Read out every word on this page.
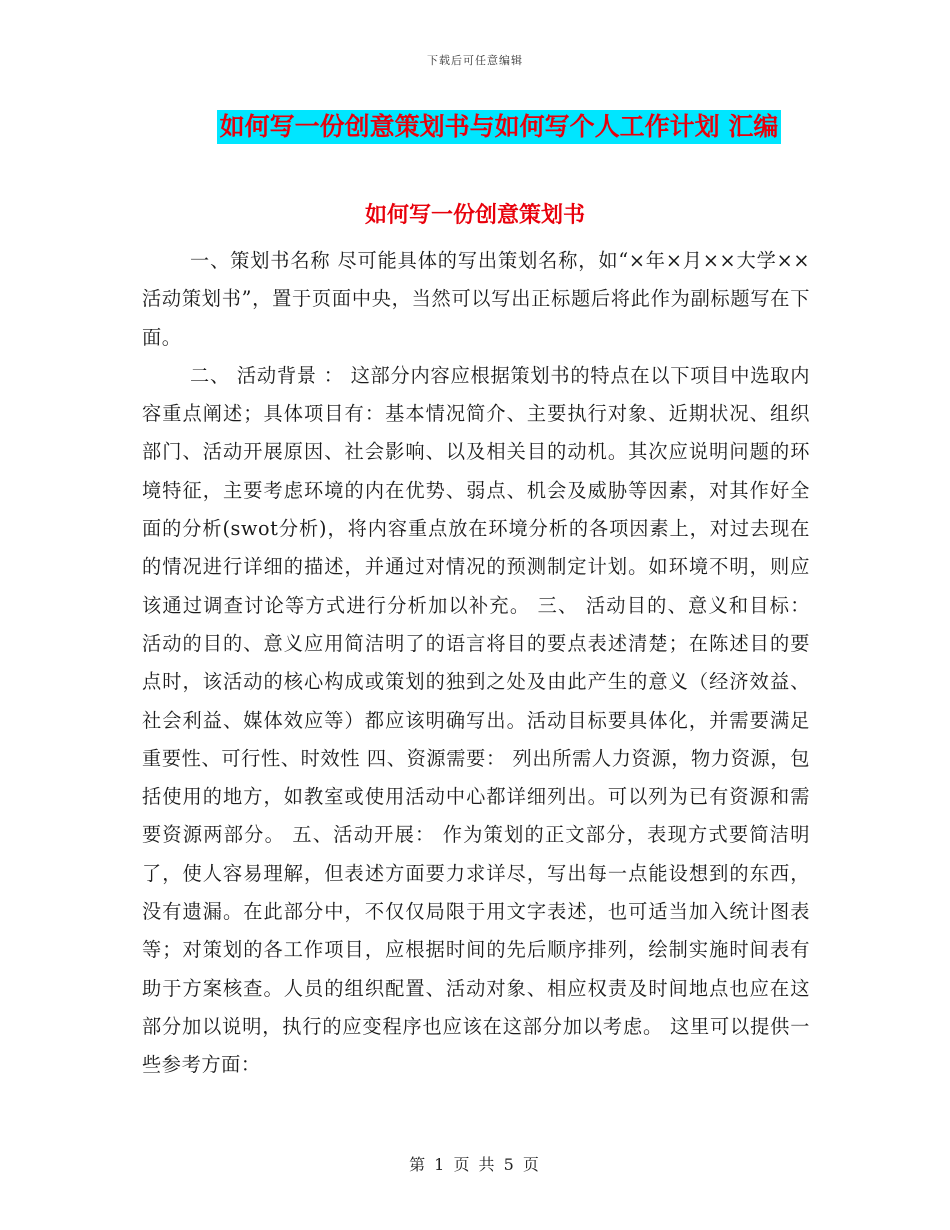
下载后可任意编辑
如何写一份创意策划书与如何写个人工作计划 汇编
如何写一份创意策划书

一、策划书名称 尽可能具体的写出策划名称，如“×年×月××大学××活动策划书”，置于页面中央，当然可以写出正标题后将此作为副标题写在下面。

二、 活动背景 ： 这部分内容应根据策划书的特点在以下项目中选取内容重点阐述；具体项目有：基本情况简介、主要执行对象、近期状况、组织部门、活动开展原因、社会影响、以及相关目的动机。其次应说明问题的环境特征，主要考虑环境的内在优势、弱点、机会及威胁等因素，对其作好全面的分析(swot分析)，将内容重点放在环境分析的各项因素上，对过去现在的情况进行详细的描述，并通过对情况的预测制定计划。如环境不明，则应该通过调查讨论等方式进行分析加以补充。 三、 活动目的、意义和目标： 活动的目的、意义应用简洁明了的语言将目的要点表述清楚；在陈述目的要点时，该活动的核心构成或策划的独到之处及由此产生的意义（经济效益、社会利益、媒体效应等）都应该明确写出。活动目标要具体化，并需要满足重要性、可行性、时效性 四、资源需要： 列出所需人力资源，物力资源，包括使用的地方，如教室或使用活动中心都详细列出。可以列为已有资源和需要资源两部分。 五、活动开展： 作为策划的正文部分，表现方式要简洁明了，使人容易理解，但表述方面要力求详尽，写出每一点能设想到的东西，没有遗漏。在此部分中，不仅仅局限于用文字表述，也可适当加入统计图表等；对策划的各工作项目，应根据时间的先后顺序排列，绘制实施时间表有助于方案核查。人员的组织配置、活动对象、相应权责及时间地点也应在这部分加以说明，执行的应变程序也应该在这部分加以考虑。 这里可以提供一些参考方面：

第 1 页 共 5 页
